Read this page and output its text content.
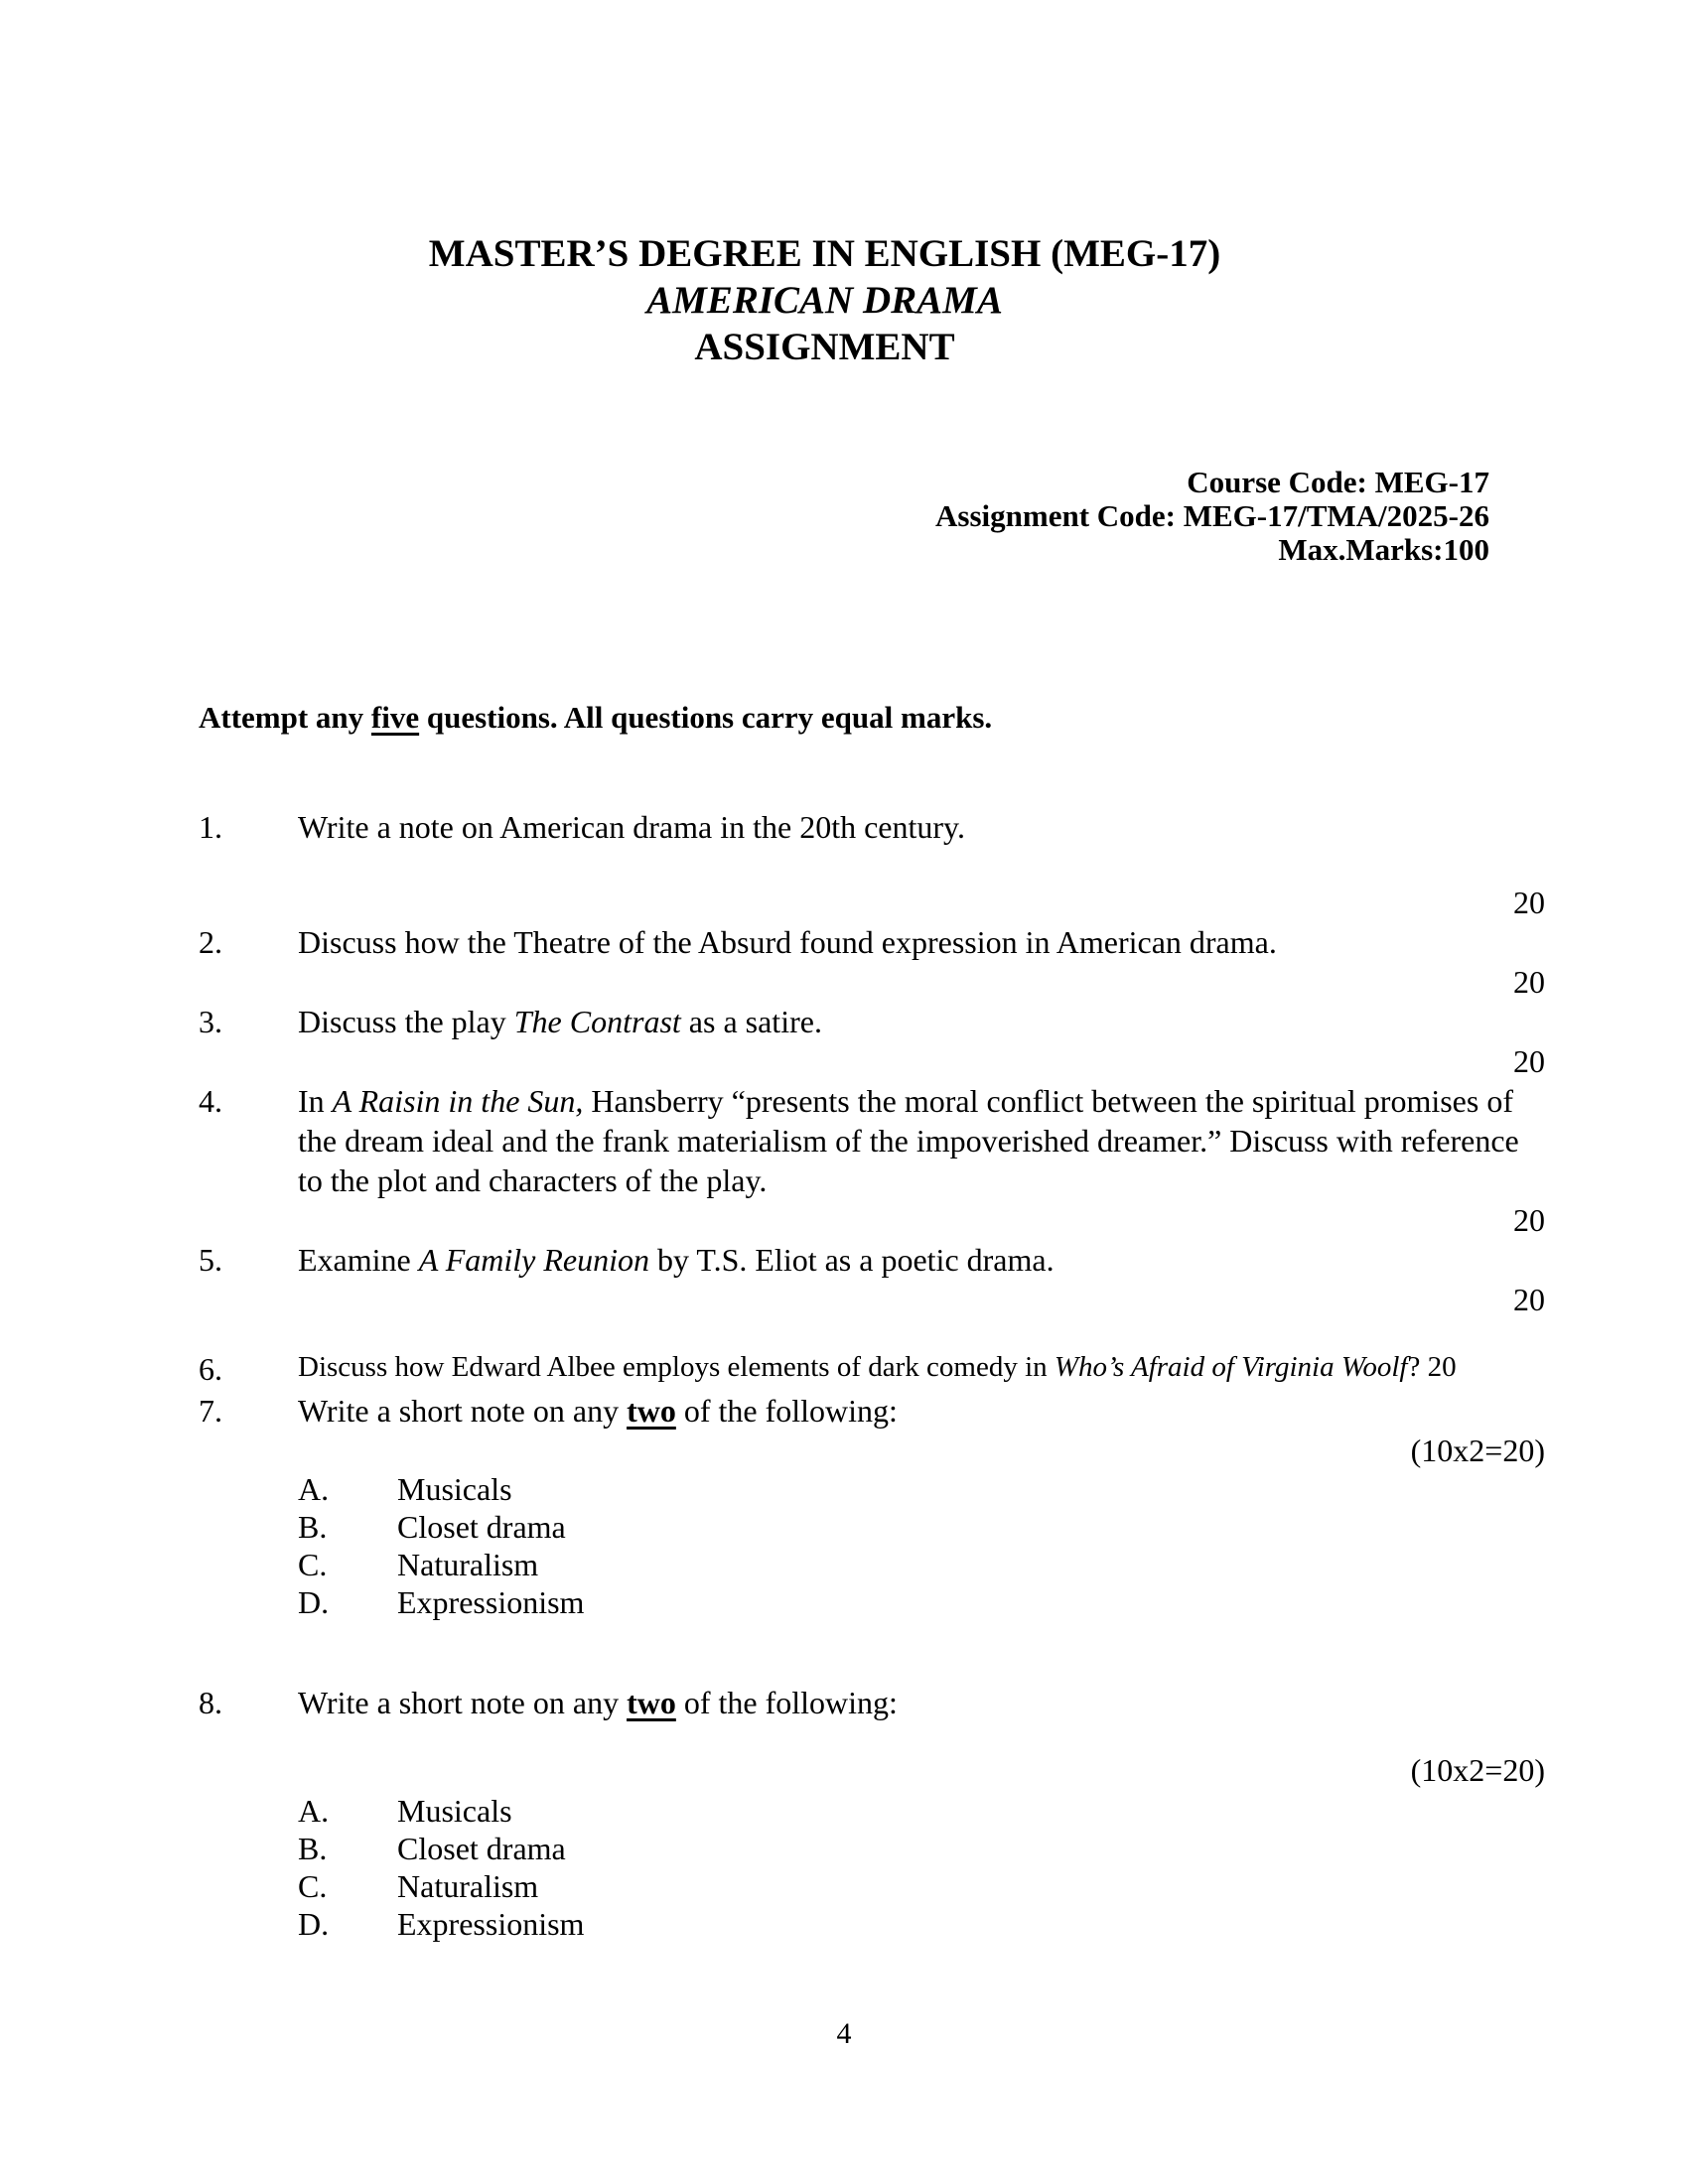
MASTER’S DEGREE IN ENGLISH (MEG-17)
AMERICAN DRAMA
ASSIGNMENT
Course Code: MEG-17
Assignment Code: MEG-17/TMA/2025-26
Max.Marks:100
Attempt any five questions. All questions carry equal marks.
1.	Write a note on American drama in the 20th century.
20
2.	Discuss how the Theatre of the Absurd found expression in American drama.
20
3.	Discuss the play The Contrast as a satire.
20
4.	In A Raisin in the Sun, Hansberry “presents the moral conflict between the spiritual promises of the dream ideal and the frank materialism of the impoverished dreamer.” Discuss with reference to the plot and characters of the play.
20
5.	Examine A Family Reunion by T.S. Eliot as a poetic drama.
20
6.	Discuss how Edward Albee employs elements of dark comedy in Who’s Afraid of Virginia Woolf? 20
7.	Write a short note on any two of the following:
(10x2=20)
A.	Musicals
B.	Closet drama
C.	Naturalism
D.	Expressionism
8.	Write a short note on any two of the following:
(10x2=20)
A.	Musicals
B.	Closet drama
C.	Naturalism
D.	Expressionism
4
